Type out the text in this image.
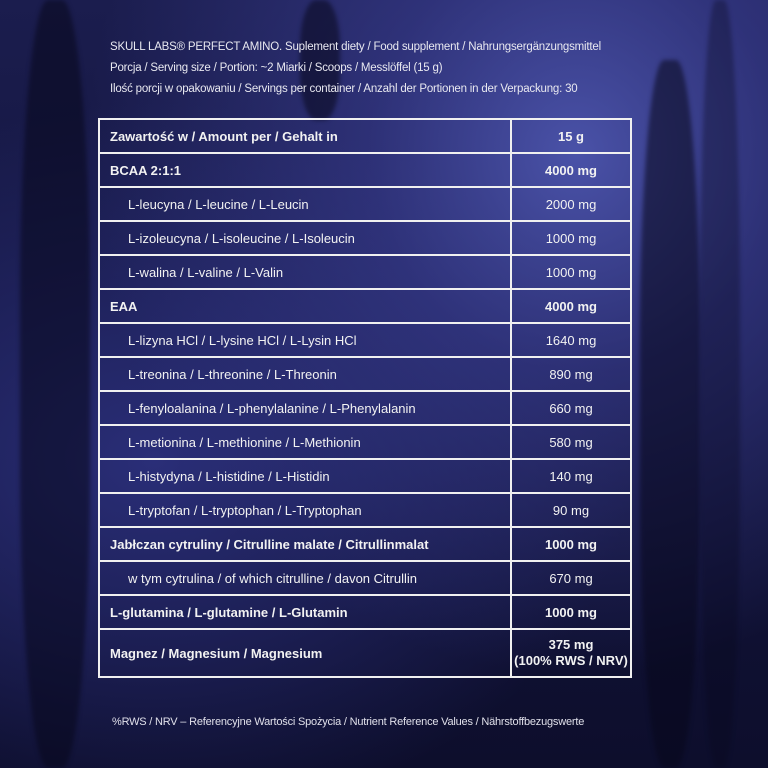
SKULL LABS® PERFECT AMINO. Suplement diety / Food supplement / Nahrungsergänzungsmittel
Porcja / Serving size / Portion: ~2 Miarki / Scoops / Messlöffel (15 g)
Ilość porcji w opakowaniu / Servings per container / Anzahl der Portionen in der Verpackung: 30
Zawartość w / Amount per / Gehalt in	15 g
BCAA 2:1:1	4000 mg
L-leucyna / L-leucine / L-Leucin	2000 mg
L-izoleucyna / L-isoleucine / L-Isoleucin	1000 mg
L-walina / L-valine / L-Valin	1000 mg
EAA	4000 mg
L-lizyna HCl / L-lysine HCl / L-Lysin HCl	1640 mg
L-treonina / L-threonine / L-Threonin	890 mg
L-fenyloalanina / L-phenylalanine / L-Phenylalanin	660 mg
L-metionina / L-methionine / L-Methionin	580 mg
L-histydyna / L-histidine / L-Histidin	140 mg
L-tryptofan / L-tryptophan / L-Tryptophan	90 mg
Jabłczan cytruliny / Citrulline malate / Citrullinmalat	1000 mg
w tym cytrulina / of which citrulline / davon Citrullin	670 mg
L-glutamina / L-glutamine / L-Glutamin	1000 mg
Magnez / Magnesium / Magnesium	375 mg
(100% RWS / NRV)
%RWS / NRV – Referencyjne Wartości Spożycia / Nutrient Reference Values / Nährstoffbezugswerte
